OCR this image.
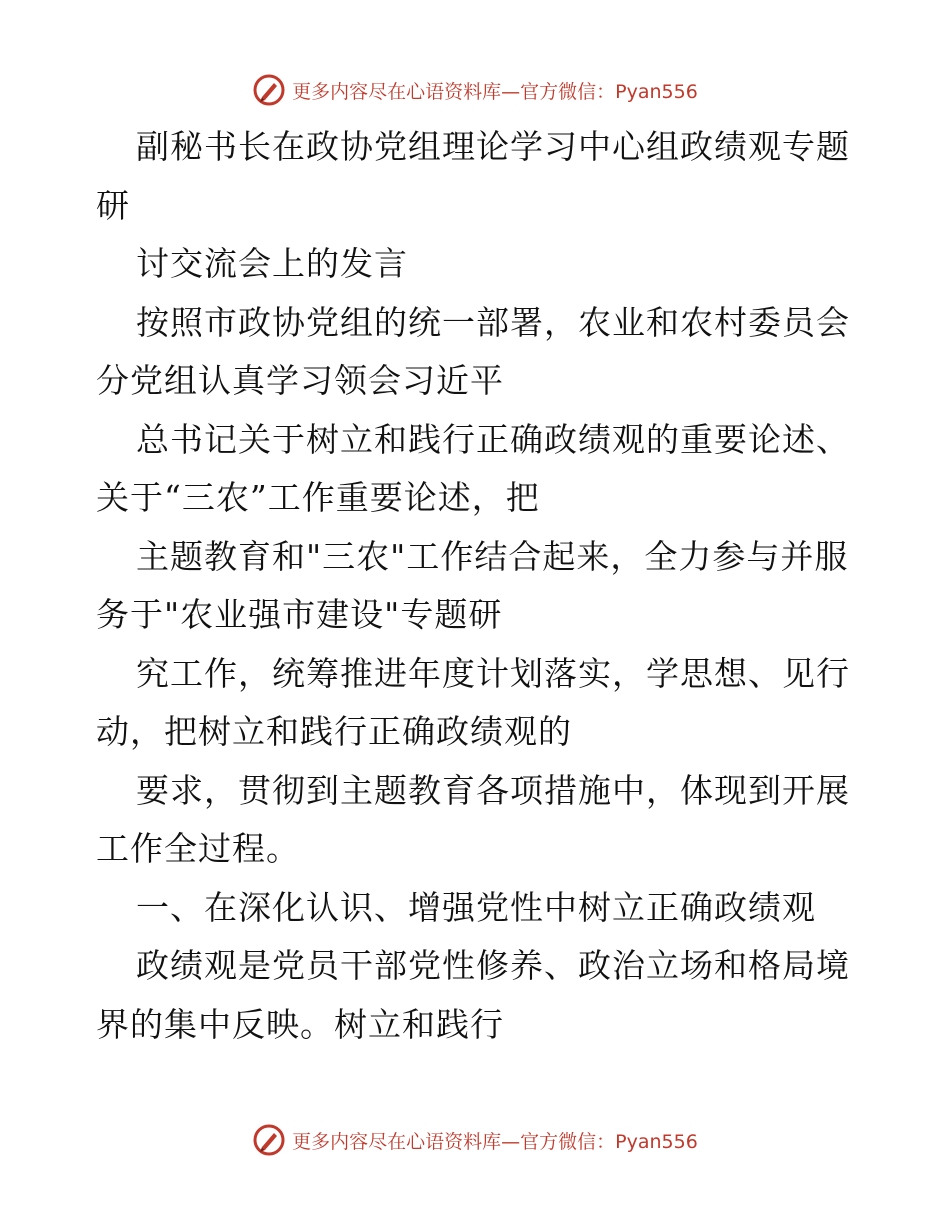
更多内容尽在心语资料库—官方微信：Pyan556
副秘书长在政协党组理论学习中心组政绩观专题
研
讨交流会上的发言
按照市政协党组的统一部署，农业和农村委员会
分党组认真学习领会习近平
总书记关于树立和践行正确政绩观的重要论述、
关于“三农”工作重要论述，把
主题教育和"三农"工作结合起来，全力参与并服
务于"农业强市建设"专题研
究工作，统筹推进年度计划落实，学思想、见行
动，把树立和践行正确政绩观的
要求，贯彻到主题教育各项措施中，体现到开展
工作全过程。
一、在深化认识、增强党性中树立正确政绩观
政绩观是党员干部党性修养、政治立场和格局境
界的集中反映。树立和践行
更多内容尽在心语资料库—官方微信：Pyan556
